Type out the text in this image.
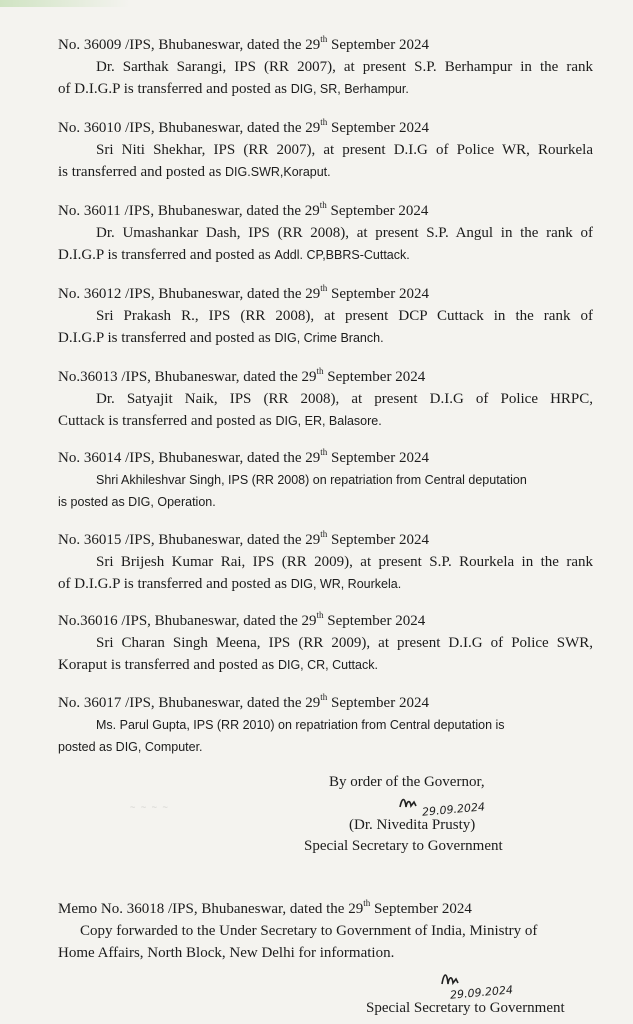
No. 36009 /IPS, Bhubaneswar, dated the 29th September 2024
Dr. Sarthak Sarangi, IPS (RR 2007), at present S.P. Berhampur in the rank
of D.I.G.P is transferred and posted as DIG, SR, Berhampur.
No. 36010 /IPS, Bhubaneswar, dated the 29th September 2024
Sri Niti Shekhar, IPS (RR 2007), at present D.I.G of Police WR, Rourkela
is transferred and posted as DIG.SWR,Koraput.
No. 36011 /IPS, Bhubaneswar, dated the 29th September 2024
Dr. Umashankar Dash, IPS (RR 2008), at present S.P. Angul in the rank of
D.I.G.P is transferred and posted as Addl. CP,BBRS-Cuttack.
No. 36012 /IPS, Bhubaneswar, dated the 29th September 2024
Sri Prakash R., IPS (RR 2008), at present DCP Cuttack in the rank of
D.I.G.P is transferred and posted as DIG, Crime Branch.
No.36013 /IPS, Bhubaneswar, dated the 29th September 2024
Dr. Satyajit Naik, IPS (RR 2008), at present D.I.G of Police HRPC,
Cuttack is transferred and posted as DIG, ER, Balasore.
No. 36014 /IPS, Bhubaneswar, dated the 29th September 2024
Shri Akhileshvar Singh, IPS (RR 2008) on repatriation from Central deputation
is posted as DIG, Operation.
No. 36015 /IPS, Bhubaneswar, dated the 29th September 2024
Sri Brijesh Kumar Rai, IPS (RR 2009), at present S.P. Rourkela in the rank
of D.I.G.P is transferred and posted as DIG, WR, Rourkela.
No.36016 /IPS, Bhubaneswar, dated the 29th September 2024
Sri Charan Singh Meena, IPS (RR 2009), at present D.I.G of Police SWR,
Koraput is transferred and posted as DIG, CR, Cuttack.
No. 36017 /IPS, Bhubaneswar, dated the 29th September 2024
Ms. Parul Gupta, IPS (RR 2010) on repatriation from Central deputation is
posted as DIG, Computer.
By order of the Governor,
29.09.2024
(Dr. Nivedita Prusty)
Special Secretary to Government
~ ~ ~ ~
Memo No. 36018 /IPS, Bhubaneswar, dated the 29th September 2024
Copy forwarded to the Under Secretary to Government of India, Ministry of
Home Affairs, North Block, New Delhi for information.
29.09.2024
Special Secretary to Government
